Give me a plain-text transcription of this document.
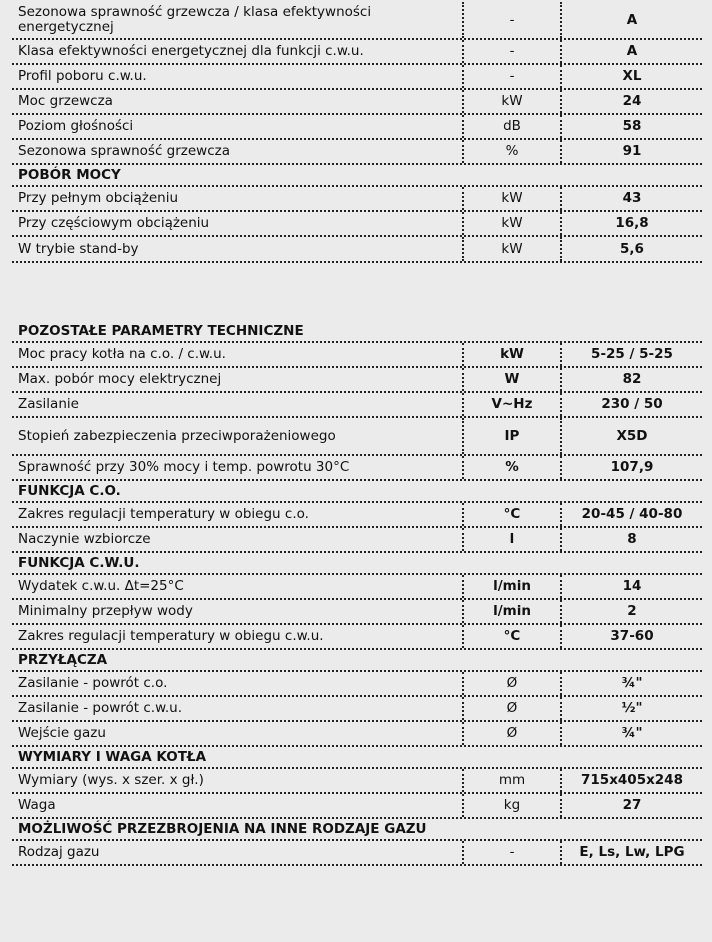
Sezonowa sprawność grzewcza / klasa efektywności energetycznej	-	A
Klasa efektywności energetycznej dla funkcji c.w.u.	-	A
Profil poboru c.w.u.	-	XL
Moc grzewcza	kW	24
Poziom głośności	dB	58
Sezonowa sprawność grzewcza	%	91
POBÓR MOCY
Przy pełnym obciążeniu	kW	43
Przy częściowym obciążeniu	kW	16,8
W trybie stand-by	kW	5,6
POZOSTAŁE PARAMETRY TECHNICZNE
Moc pracy kotła na c.o. / c.w.u.	kW	5-25 / 5-25
Max. pobór mocy elektrycznej	W	82
Zasilanie	V~Hz	230 / 50
Stopień zabezpieczenia przeciwporażeniowego	IP	X5D
Sprawność przy 30% mocy i temp. powrotu 30°C	%	107,9
FUNKCJA C.O.
Zakres regulacji temperatury w obiegu c.o.	°C	20-45 / 40-80
Naczynie wzbiorcze	l	8
FUNKCJA C.W.U.
Wydatek c.w.u. Δt=25°C	l/min	14
Minimalny przepływ wody	l/min	2
Zakres regulacji temperatury w obiegu c.w.u.	°C	37-60
PRZYŁĄCZA
Zasilanie - powrót c.o.	Ø	¾"
Zasilanie - powrót c.w.u.	Ø	½"
Wejście gazu	Ø	¾"
WYMIARY I WAGA KOTŁA
Wymiary (wys. x szer. x gł.)	mm	715x405x248
Waga	kg	27
MOŻLIWOŚĆ PRZEZBROJENIA NA INNE RODZAJE GAZU
Rodzaj gazu	-	E, Ls, Lw, LPG
